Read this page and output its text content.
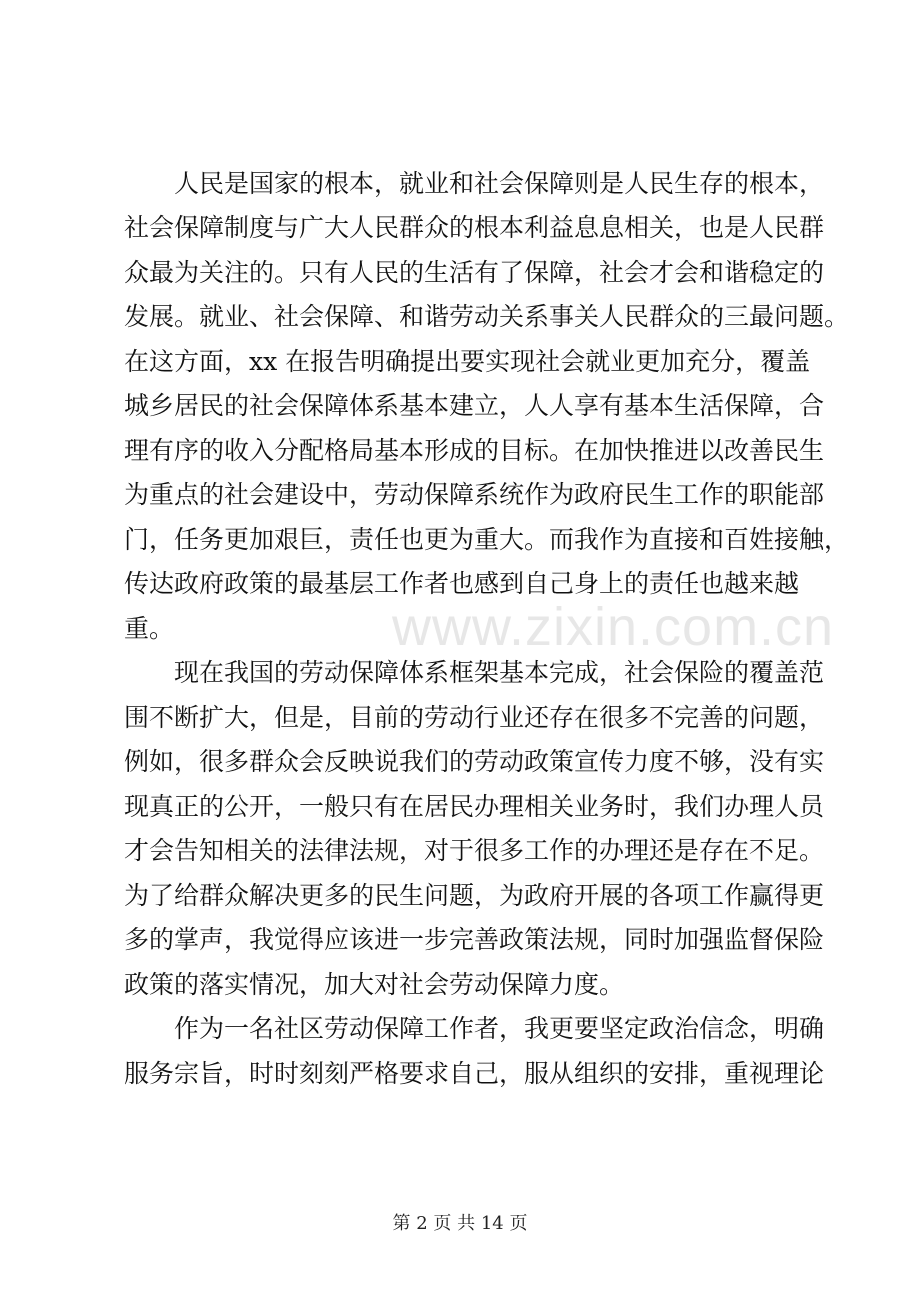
人民是国家的根本，就业和社会保障则是人民生存的根本，
社会保障制度与广大人民群众的根本利益息息相关，也是人民群
众最为关注的。只有人民的生活有了保障，社会才会和谐稳定的
发展。就业、社会保障、和谐劳动关系事关人民群众的三最问题。
在这方面，xx 在报告明确提出要实现社会就业更加充分，覆盖
城乡居民的社会保障体系基本建立，人人享有基本生活保障，合
理有序的收入分配格局基本形成的目标。在加快推进以改善民生
为重点的社会建设中，劳动保障系统作为政府民生工作的职能部
门，任务更加艰巨，责任也更为重大。而我作为直接和百姓接触，
传达政府政策的最基层工作者也感到自己身上的责任也越来越
重。
现在我国的劳动保障体系框架基本完成，社会保险的覆盖范
围不断扩大，但是，目前的劳动行业还存在很多不完善的问题，
例如，很多群众会反映说我们的劳动政策宣传力度不够，没有实
现真正的公开，一般只有在居民办理相关业务时，我们办理人员
才会告知相关的法律法规，对于很多工作的办理还是存在不足。
为了给群众解决更多的民生问题，为政府开展的各项工作赢得更
多的掌声，我觉得应该进一步完善政策法规，同时加强监督保险
政策的落实情况，加大对社会劳动保障力度。
作为一名社区劳动保障工作者，我更要坚定政治信念，明确
服务宗旨，时时刻刻严格要求自己，服从组织的安排，重视理论
www.zixin.com.cn
第 2 页 共 14 页
